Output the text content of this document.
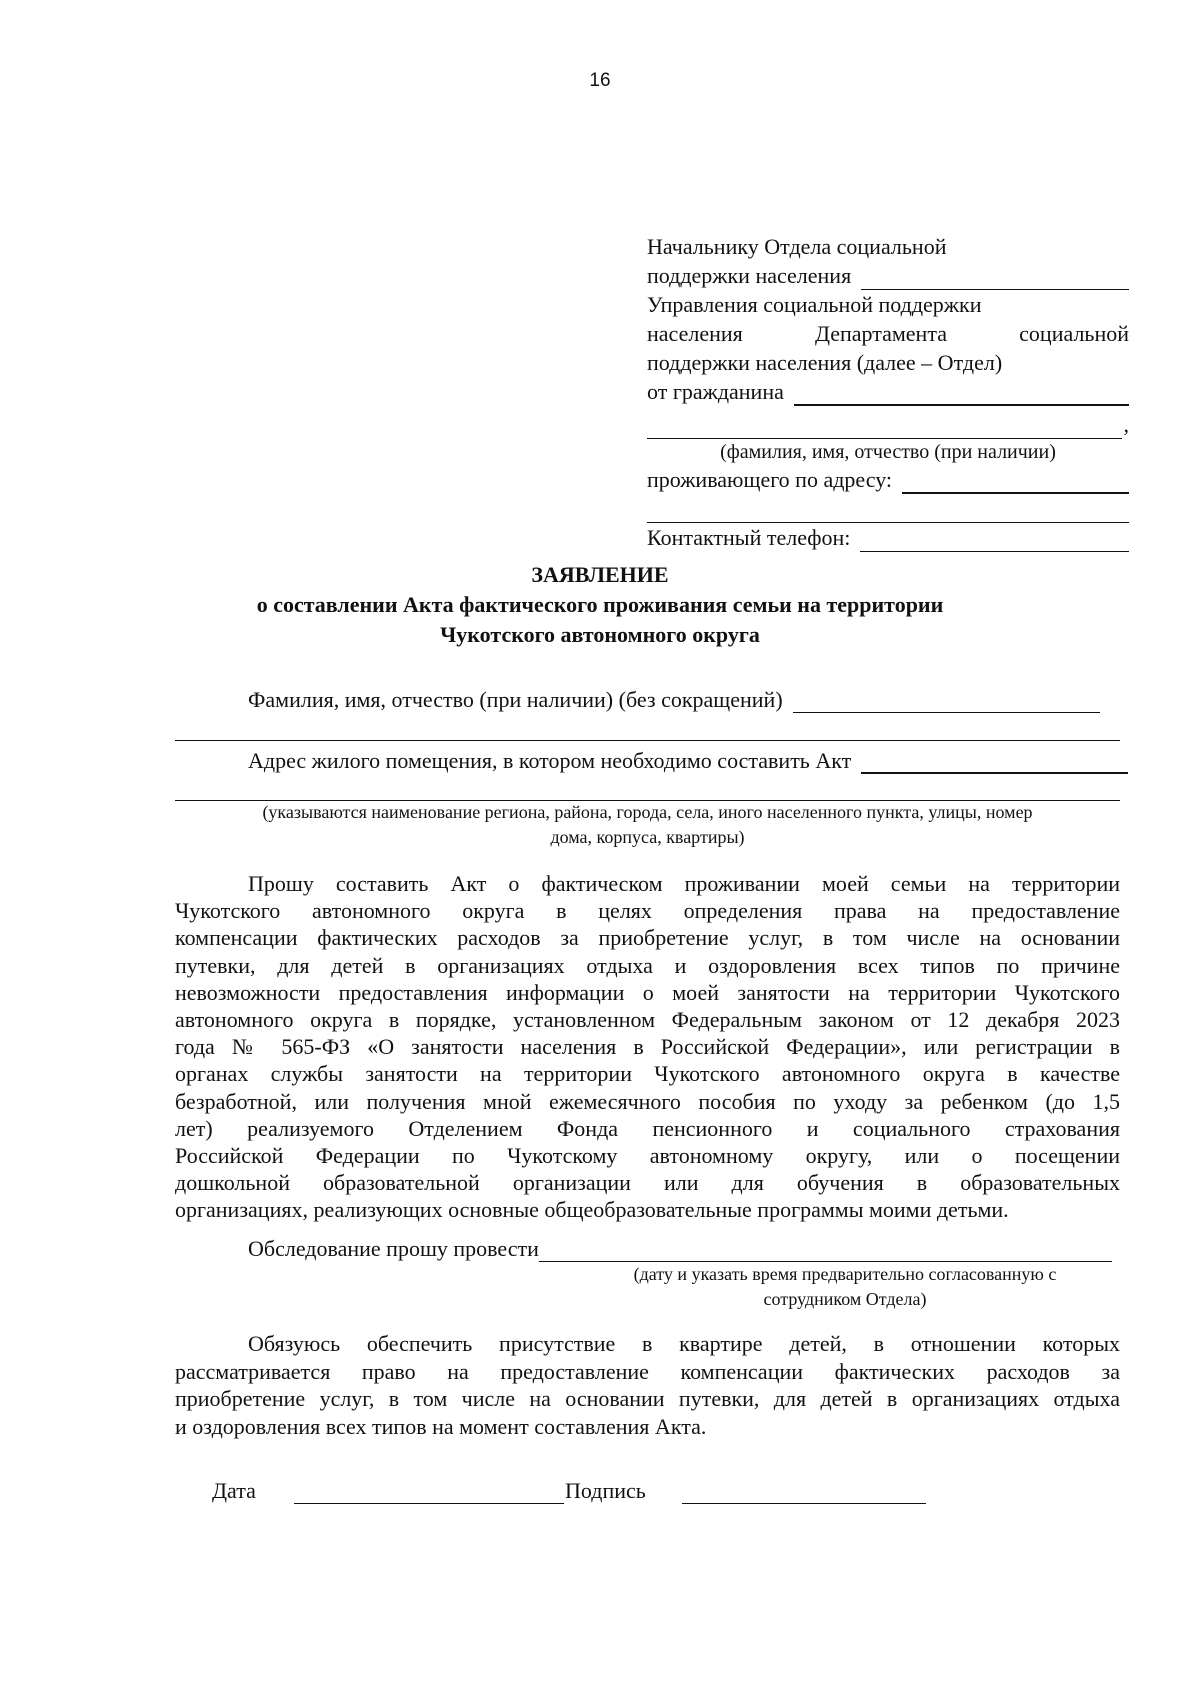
16
Начальнику Отдела социальной
поддержки населения
Управления социальной поддержки
населения	Департамента	социальной
поддержки населения (далее – Отдел)
от гражданина
,
(фамилия, имя, отчество (при наличии)
проживающего по адресу:
Контактный телефон:
ЗАЯВЛЕНИЕ
о составлении Акта фактического проживания семьи на территории
Чукотского автономного округа
Фамилия, имя, отчество (при наличии) (без сокращений)
Адрес жилого помещения, в котором необходимо составить Акт
(указываются наименование региона, района, города, села, иного населенного пункта, улицы, номер
дома, корпуса, квартиры)
Прошу составить Акт о фактическом проживании моей семьи на территории
Чукотского автономного округа в целях определения права на предоставление
компенсации фактических расходов за приобретение услуг, в том числе на основании
путевки, для детей в организациях отдыха и оздоровления всех типов по причине
невозможности предоставления информации о моей занятости на территории Чукотского
автономного округа в порядке, установленном Федеральным законом от 12 декабря 2023
года № 565-ФЗ «О занятости населения в Российской Федерации», или регистрации в
органах службы занятости на территории Чукотского автономного округа в качестве
безработной, или получения мной ежемесячного пособия по уходу за ребенком (до 1,5
лет) реализуемого Отделением Фонда пенсионного и социального страхования
Российской Федерации по Чукотскому автономному округу, или о посещении
дошкольной образовательной организации или для обучения в образовательных
организациях, реализующих основные общеобразовательные программы моими детьми.
Обследование прошу провести
(дату и указать время предварительно согласованную с
сотрудником Отдела)
Обязуюсь обеспечить присутствие в квартире детей, в отношении которых
рассматривается право на предоставление компенсации фактических расходов за
приобретение услуг, в том числе на основании путевки, для детей в организациях отдыха
и оздоровления всех типов на момент составления Акта.
Дата	Подпись
